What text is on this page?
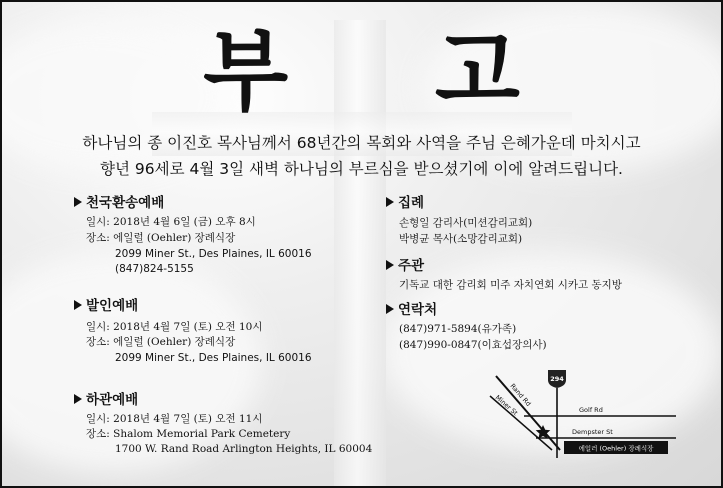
부 고
하나님의 종 이진호 목사님께서 68년간의 목회와 사역을 주님 은혜가운데 마치시고
향년 96세로 4월 3일 새벽 하나님의 부르심을 받으셨기에 이에 알려드립니다.
천국환송예배
일시: 2018년 4월 6일 (금) 오후 8시
장소: 에일럴 (Oehler) 장례식장
2099 Miner St., Des Plaines, IL 60016
(847)824-5155
발인예배
일시: 2018년 4월 7일 (토) 오전 10시
장소: 에일럴 (Oehler) 장례식장
2099 Miner St., Des Plaines, IL 60016
하관예배
일시: 2018년 4월 7일 (토) 오전 11시
장소: Shalom Memorial Park Cemetery
1700 W. Rand Road Arlington Heights, IL 60004
집례
손형일 감리사(미션감리교회)
박병균 목사(소망감리교회)
주관
기독교 대한 감리회 미주 자치연회 시카고 동지방
연락처
(847)971-5894(유가족)
(847)990-0847(이효섭장의사)
294
Rand Rd
Miner St	Golf Rd
Dempster St
에일러 (Oehler) 장례식장
